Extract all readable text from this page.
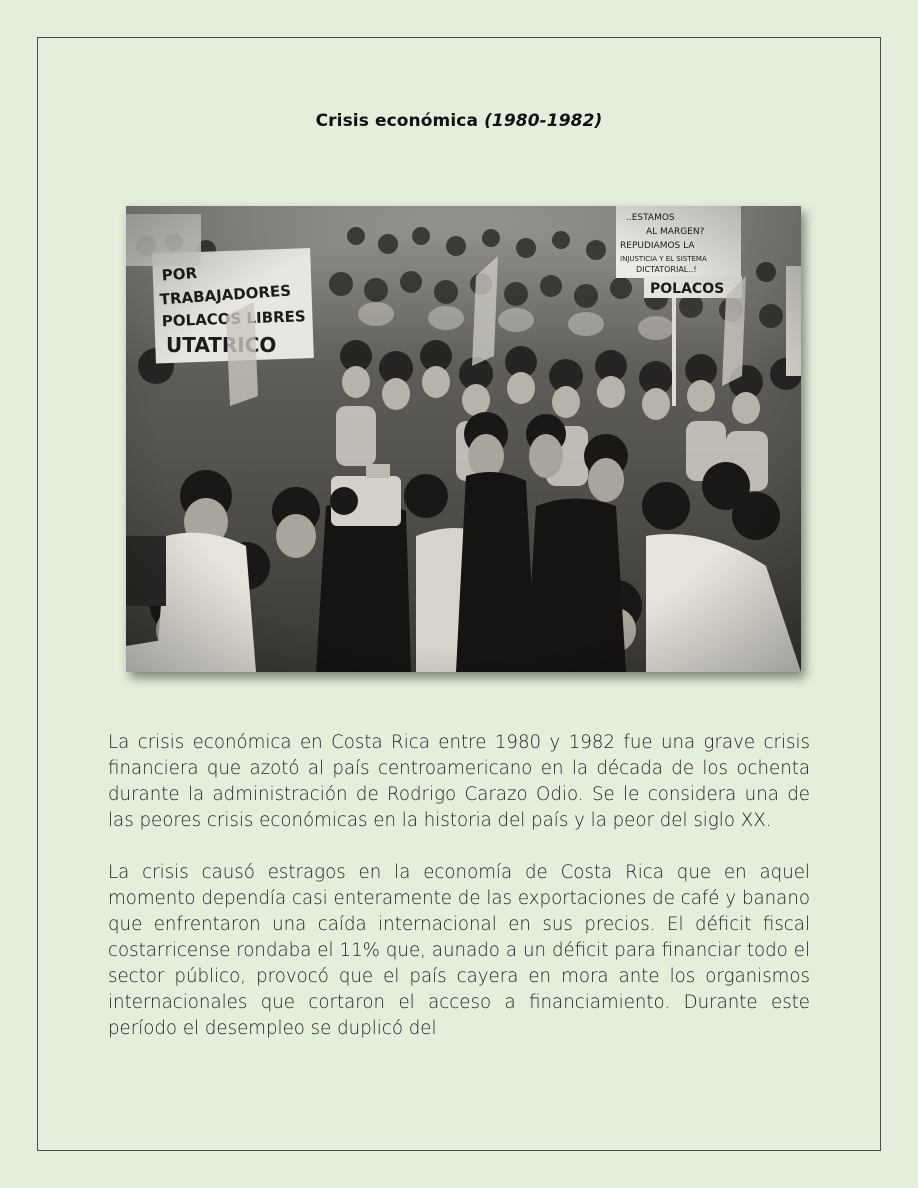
Crisis económica (1980-1982)

La crisis económica en Costa Rica entre 1980 y 1982 fue una grave crisis financiera que azotó al país centroamericano en la década de los ochenta durante la administración de Rodrigo Carazo Odio. Se le considera una de las peores crisis económicas en la historia del país y la peor del siglo XX.

La crisis causó estragos en la economía de Costa Rica que en aquel momento dependía casi enteramente de las exportaciones de café y banano que enfrentaron una caída internacional en sus precios. El déficit fiscal costarricense rondaba el 11% que, aunado a un déficit para financiar todo el sector público, provocó que el país cayera en mora ante los organismos internacionales que cortaron el acceso a financiamiento. Durante este período el desempleo se duplicó del
